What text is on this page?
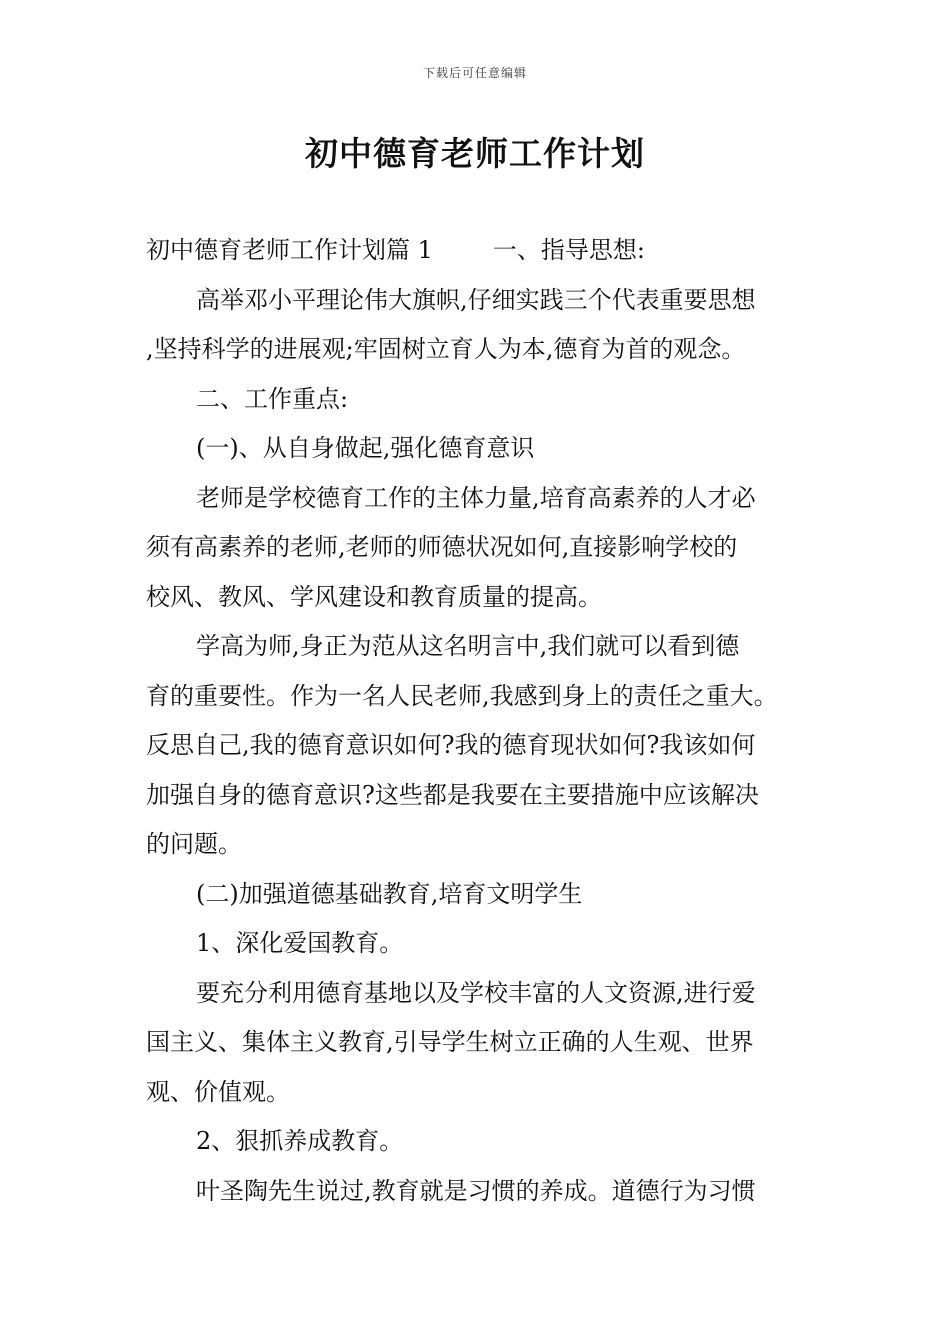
下载后可任意编辑
初中德育老师工作计划
初中德育老师工作计划篇 1	一、指导思想:
高举邓小平理论伟大旗帜,仔细实践三个代表重要思想
,坚持科学的进展观;牢固树立育人为本,德育为首的观念。
二、工作重点:
(一)、从自身做起,强化德育意识
老师是学校德育工作的主体力量,培育高素养的人才必
须有高素养的老师,老师的师德状况如何,直接影响学校的
校风、教风、学风建设和教育质量的提高。
学高为师,身正为范从这名明言中,我们就可以看到德
育的重要性。作为一名人民老师,我感到身上的责任之重大。
反思自己,我的德育意识如何?我的德育现状如何?我该如何
加强自身的德育意识?这些都是我要在主要措施中应该解决
的问题。
(二)加强道德基础教育,培育文明学生
1、深化爱国教育。
要充分利用德育基地以及学校丰富的人文资源,进行爱
国主义、集体主义教育,引导学生树立正确的人生观、世界
观、价值观。
2、狠抓养成教育。
叶圣陶先生说过,教育就是习惯的养成。道德行为习惯
